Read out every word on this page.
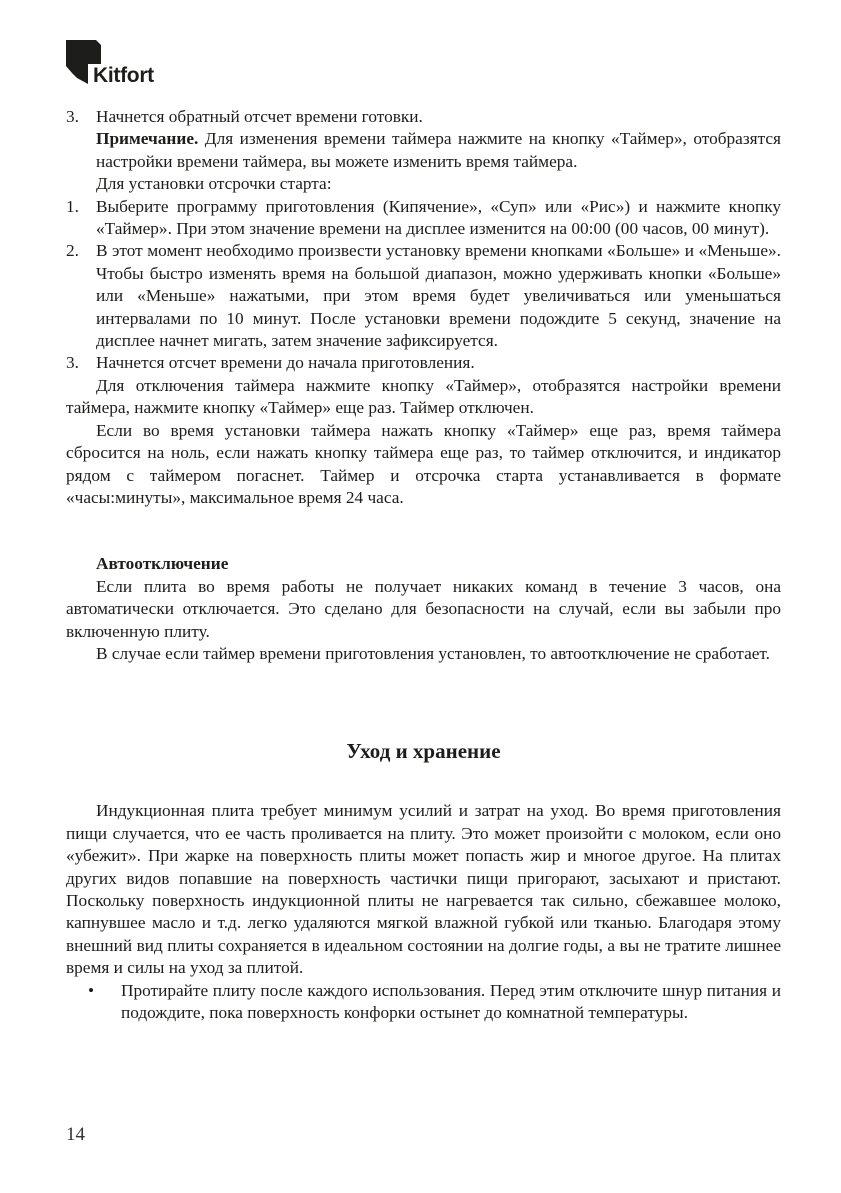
Kitfort

3. Начнется обратный отсчет времени готовки.

Примечание. Для изменения времени таймера нажмите на кнопку «Таймер», отобразятся настройки времени таймера, вы можете изменить время таймера.

Для установки отсрочки старта:

1. Выберите программу приготовления (Кипячение», «Суп» или «Рис») и нажмите кнопку «Таймер». При этом значение времени на дисплее изменится на 00:00 (00 часов, 00 минут).

2. В этот момент необходимо произвести установку времени кнопками «Больше» и «Меньше». Чтобы быстро изменять время на большой диапазон, можно удерживать кнопки «Больше» или «Меньше» нажатыми, при этом время будет увеличиваться или уменьшаться интервалами по 10 минут. После установки времени подождите 5 секунд, значение на дисплее начнет мигать, затем значение зафиксируется.

3. Начнется отсчет времени до начала приготовления.

Для отключения таймера нажмите кнопку «Таймер», отобразятся настройки времени таймера, нажмите кнопку «Таймер» еще раз. Таймер отключен.

Если во время установки таймера нажать кнопку «Таймер» еще раз, время таймера сбросится на ноль, если нажать кнопку таймера еще раз, то таймер отключится, и индикатор рядом с таймером погаснет. Таймер и отсрочка старта устанавливается в формате «часы:минуты», максимальное время 24 часа.

Автоотключение

Если плита во время работы не получает никаких команд в течение 3 часов, она автоматически отключается. Это сделано для безопасности на случай, если вы забыли про включенную плиту.

В случае если таймер времени приготовления установлен, то автоотключение не сработает.

Уход и хранение

Индукционная плита требует минимум усилий и затрат на уход. Во время приготовления пищи случается, что ее часть проливается на плиту. Это может произойти с молоком, если оно «убежит». При жарке на поверхность плиты может попасть жир и многое другое. На плитах других видов попавшие на поверхность частички пищи пригорают, засыхают и пристают. Поскольку поверхность индукционной плиты не нагревается так сильно, сбежавшее молоко, капнувшее масло и т.д. легко удаляются мягкой влажной губкой или тканью. Благодаря этому внешний вид плиты сохраняется в идеальном состоянии на долгие годы, а вы не тратите лишнее время и силы на уход за плитой.

•	Протирайте плиту после каждого использования. Перед этим отключите шнур питания и подождите, пока поверхность конфорки остынет до комнатной температуры.

14
